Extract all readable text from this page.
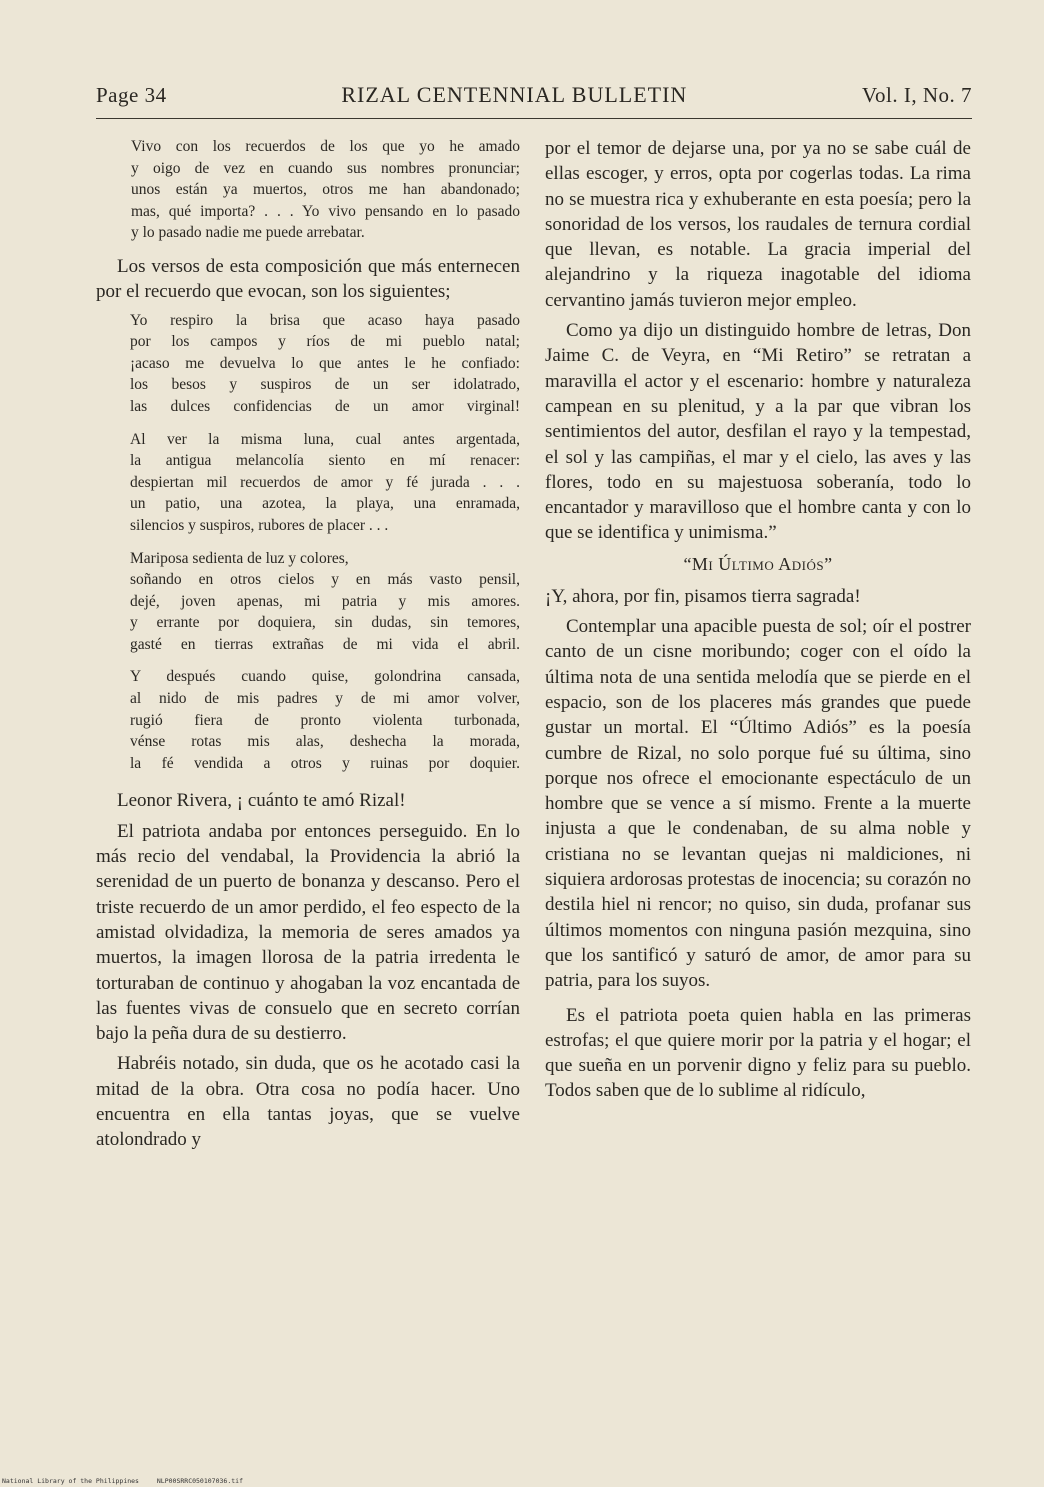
Page 34	RIZAL CENTENNIAL BULLETIN	Vol. I, No. 7

Vivo con los recuerdos de los que yo he amado

y oigo de vez en cuando sus nombres pronunciar;

unos están ya muertos, otros me han abandonado;

mas, qué importa? . . . Yo vivo pensando en lo pasado

y lo pasado nadie me puede arrebatar.

Los versos de esta composición que más enternecen por el recuerdo que evocan, son los siguientes;

Yo respiro la brisa que acaso haya pasado

por los campos y ríos de mi pueblo natal;

¡acaso me devuelva lo que antes le he confiado:

los besos y suspiros de un ser idolatrado,

las dulces confidencias de un amor virginal!

Al ver la misma luna, cual antes argentada,

la antigua melancolía siento en mí renacer:

despiertan mil recuerdos de amor y fé jurada . . .

un patio, una azotea, la playa, una enramada,

silencios y suspiros, rubores de placer . . .

Mariposa sedienta de luz y colores,

soñando en otros cielos y en más vasto pensil,

dejé, joven apenas, mi patria y mis amores.

y errante por doquiera, sin dudas, sin temores,

gasté en tierras extrañas de mi vida el abril.

Y después cuando quise, golondrina cansada,

al nido de mis padres y de mi amor volver,

rugió fiera de pronto violenta turbonada,

vénse rotas mis alas, deshecha la morada,

la fé vendida a otros y ruinas por doquier.

Leonor Rivera, ¡ cuánto te amó Rizal!

El patriota andaba por entonces perseguido. En lo más recio del vendabal, la Providencia la abrió la serenidad de un puerto de bonanza y descanso. Pero el triste recuerdo de un amor perdido, el feo especto de la amistad olvidadiza, la memoria de seres amados ya muertos, la imagen llorosa de la patria irredenta le torturaban de continuo y ahogaban la voz encantada de las fuentes vivas de consuelo que en secreto corrían bajo la peña dura de su destierro.

Habréis notado, sin duda, que os he acotado casi la mitad de la obra. Otra cosa no podía hacer. Uno encuentra en ella tantas joyas, que se vuelve atolondrado y

por el temor de dejarse una, por ya no se sabe cuál de ellas escoger, y erros, opta por cogerlas todas. La rima no se muestra rica y exhuberante en esta poesía; pero la sonoridad de los versos, los raudales de ternura cordial que llevan, es notable. La gracia imperial del alejandrino y la riqueza inagotable del idioma cervantino jamás tuvieron mejor empleo.

Como ya dijo un distinguido hombre de letras, Don Jaime C. de Veyra, en “Mi Retiro” se retratan a maravilla el actor y el escenario: hombre y naturaleza campean en su plenitud, y a la par que vibran los sentimientos del autor, desfilan el rayo y la tempestad, el sol y las campiñas, el mar y el cielo, las aves y las flores, todo en su majestuosa soberanía, todo lo encantador y maravilloso que el hombre canta y con lo que se identifica y unimisma.”

“Mi Último Adiós”

¡Y, ahora, por fin, pisamos tierra sagrada!

Contemplar una apacible puesta de sol; oír el postrer canto de un cisne moribundo; coger con el oído la última nota de una sentida melodía que se pierde en el espacio, son de los placeres más grandes que puede gustar un mortal. El “Último Adiós” es la poesía cumbre de Rizal, no solo porque fué su última, sino porque nos ofrece el emocionante espectáculo de un hombre que se vence a sí mismo. Frente a la muerte injusta a que le condenaban, de su alma noble y cristiana no se levantan quejas ni maldiciones, ni siquiera ardorosas protestas de inocencia; su corazón no destila hiel ni rencor; no quiso, sin duda, profanar sus últimos momentos con ninguna pasión mezquina, sino que los santificó y saturó de amor, de amor para su patria, para los suyos.

Es el patriota poeta quien habla en las primeras estrofas; el que quiere morir por la patria y el hogar; el que sueña en un porvenir digno y feliz para su pueblo. Todos saben que de lo sublime al ridículo,

National Library of the Philippines	NLP00SRRC050107036.tif
